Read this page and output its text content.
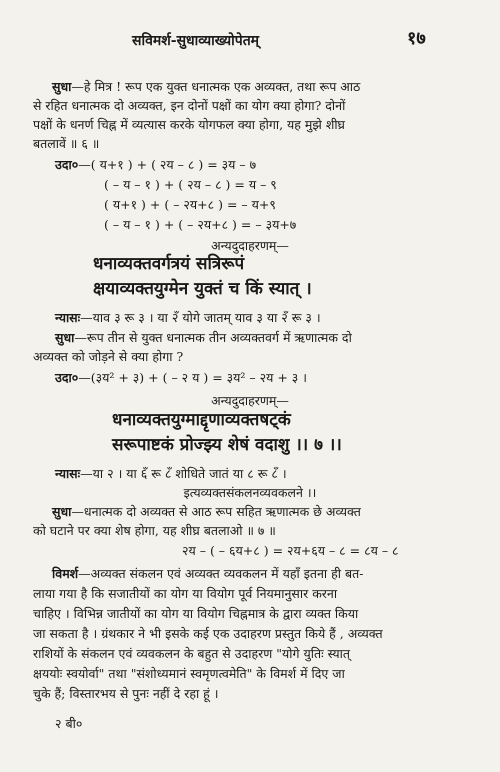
सविमर्श-सुधाव्याख्योपेतम्	१७
सुधा—हे मित्र ! रूप एक युक्त धनात्मक एक अव्यक्त, तथा रूप आठ
से रहित धनात्मक दो अव्यक्त, इन दोनों पक्षों का योग क्या होगा? दोनों
पक्षों के धनर्ण चिह्न में व्यत्यास करके योगफल क्या होगा, यह मुझे शीघ्र
बतलावें ॥ ६ ॥
उदा०—( य+१ ) + ( २य – ८ ) = ३य – ७
( – य – १ ) + ( २य – ८ ) = य – ९
( य+१ ) + ( – २य+८ ) = – य+९
( – य – १ ) + ( – २य+८ ) = – ३य+७
अन्यदुदाहरणम्—
धनाव्यक्तवर्गत्रयं सत्रिरूपं
क्षयाव्यक्तयुग्मेन युक्तं च किं स्यात् ।
न्यासः—याव ३ रू ३ । या २ँ योगे जातम् याव ३ या २ँ रू ३ ।
सुधा—रूप तीन से युक्त धनात्मक तीन अव्यक्तवर्ग में ऋणात्मक दो
अव्यक्त को जोड़ने से क्या होगा ?
उदा०—(३य² + ३) + ( – २ य ) = ३य² – २य + ३ ।
अन्यदुदाहरणम्—
धनाव्यक्तयुग्माद्दृणाव्यक्तषट्कं
सरूपाष्टकं प्रोज्झ्य शेषं वदाशु ।। ७ ।।
न्यासः—या २ । या ६ँ रू ८ँ शोधिते जातं या ८ रू ८ँ ।
इत्यव्यक्तसंकलनव्यवकलने ।।
सुधा—धनात्मक दो अव्यक्त से आठ रूप सहित ऋणात्मक छे अव्यक्त
को घटाने पर क्या शेष होगा, यह शीघ्र बतलाओ ॥ ७ ॥
२य – ( – ६य+८ ) = २य+६य – ८ = ८य – ८
विमर्श—अव्यक्त संकलन एवं अव्यक्त व्यवकलन में यहाँ इतना ही बत-
लाया गया है कि सजातीयों का योग या वियोग पूर्व नियमानुसार करना
चाहिए । विभिन्न जातीयों का योग या वियोग चिह्नमात्र के द्वारा व्यक्त किया
जा सकता है । ग्रंथकार ने भी इसके कई एक उदाहरण प्रस्तुत किये हैं , अव्यक्त
राशियों के संकलन एवं व्यवकलन के बहुत से उदाहरण "योगे युतिः स्यात्
क्षययोः स्वयोर्वा" तथा "संशोध्यमानं स्वमृणत्वमेति" के विमर्श में दिए जा
चुके हैं; विस्तारभय से पुनः नहीं दे रहा हूं ।
२ बी०
